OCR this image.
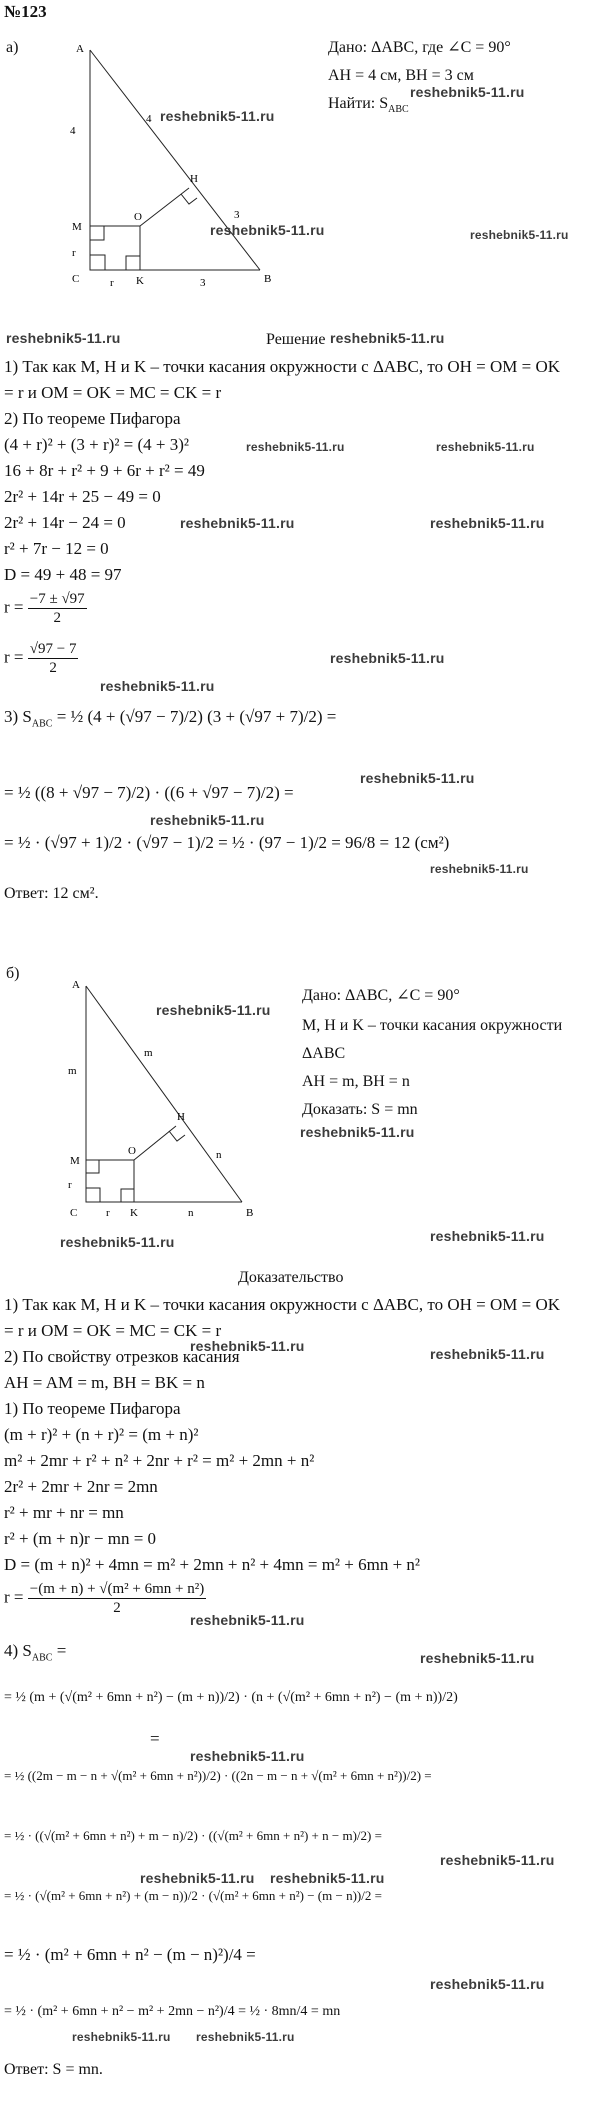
№123
а)	A
B
C
M
O
K
H
4
4
3
3
r
r
Дано: ΔABC, где ∠C = 90°
AH = 4 см, BH = 3 см
Найти: $S_{ABC}$
reshebnik5-11.ru
reshebnik5-11.ru
reshebnik5-11.ru	reshebnik5-11.ru
reshebnik5-11.ru	Решение reshebnik5-11.ru
1) Так как M, H и K – точки касания окружности с ΔABC, то OH = OM = OK
= r и OM = OK = MC = CK = r
2) По теореме Пифагора
(4 + r)² + (3 + r)² = (4 + 3)²	reshebnik5-11.ru	reshebnik5-11.ru
16 + 8r + r² + 9 + 6r + r² = 49
2r² + 14r + 25 − 49 = 0
2r² + 14r − 24 = 0	reshebnik5-11.ru	reshebnik5-11.ru
r² + 7r − 12 = 0
D = 49 + 48 = 97
$r = \frac{-7 \pm √97}{2}$
reshebnik5-11.ru
$r = \frac{√97 - 7}{2}$
reshebnik5-11.ru
3) $S_{ABC}$ = ½ (4 + (√97 − 7)/2) (3 + (√97 + 7)/2) =
reshebnik5-11.ru
= ½ ((8 + √97 − 7)/2) · ((6 + √97 − 7)/2) =
reshebnik5-11.ru
= ½ · (√97 + 1)/2 · (√97 − 1)/2 = ½ · (97 − 1)/2 = 96/8 = 12 (см²)
reshebnik5-11.ru
Ответ: 12 см².
б)
A
B
C
M
O
K
H
m
m
n
n
r
r
Дано: ΔABC, ∠C = 90°
reshebnik5-11.ru
M, H и K – точки касания окружности
ΔABC
AH = m, BH = n
Доказать: S = mn
reshebnik5-11.ru
reshebnik5-11.ru	reshebnik5-11.ru
Доказательство
1) Так как M, H и K – точки касания окружности с ΔABC, то OH = OM = OK
= r и OM = OK = MC = CK = r
reshebnik5-11.ru	reshebnik5-11.ru
2) По свойству отрезков касания
AH = AM = m, BH = BK = n
1) По теореме Пифагора
(m + r)² + (n + r)² = (m + n)²
m² + 2mr + r² + n² + 2nr + r² = m² + 2mn + n²
2r² + 2mr + 2nr = 2mn
r² + mr + nr = mn
r² + (m + n)r − mn = 0
D = (m + n)² + 4mn = m² + 2mn + n² + 4mn = m² + 6mn + n²
$r = \frac{\text{−(m + n) + √(m² + 6mn + n²)}}{2}$
reshebnik5-11.ru
4) $S_{ABC}$ =	reshebnik5-11.ru
= ½ (m + (√(m² + 6mn + n²) − (m + n))/2) · (n + (√(m² + 6mn + n²) − (m + n))/2)
=
= ½ ((2m − m − n + √(m² + 6mn + n²))/2) · ((2n − m − n + √(m² + 6mn + n²))/2) =
reshebnik5-11.ru
= ½ · ((√(m² + 6mn + n²) + m − n)/2) · ((√(m² + 6mn + n²) + n − m)/2) =
reshebnik5-11.ru
= ½ · (√(m² + 6mn + n²) + (m − n))/2 · (√(m² + 6mn + n²) − (m − n))/2 =
reshebnik5-11.ru reshebnik5-11.ru
= ½ · (m² + 6mn + n² − (m − n)²)/4 =
reshebnik5-11.ru
= ½ · (m² + 6mn + n² − m² + 2mn − n²)/4 = ½ · 8mn/4 = mn
reshebnik5-11.ru reshebnik5-11.ru
Ответ: S = mn.
